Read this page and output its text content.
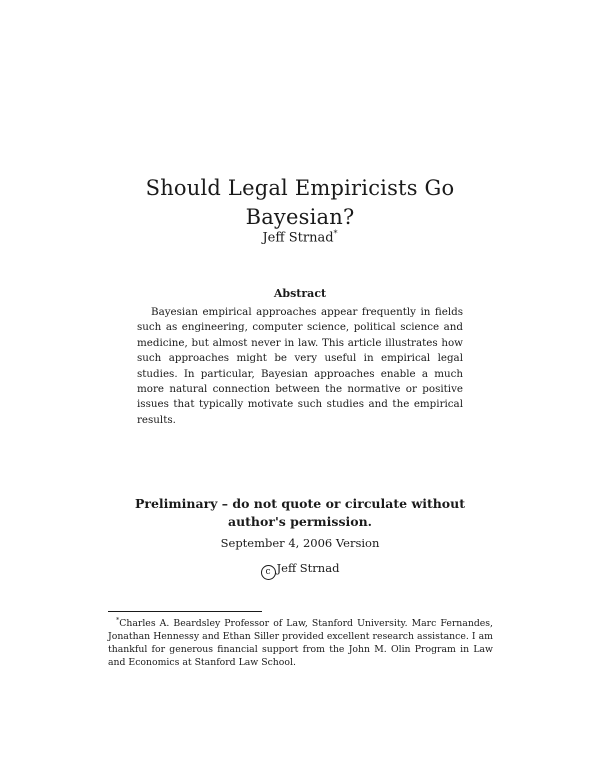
Should Legal Empiricists Go
Bayesian?
Jeff Strnad*
Abstract

Bayesian empirical approaches appear frequently in fields such as engineering, computer science, political science and medicine, but almost never in law. This article illustrates how such approaches might be very useful in empirical legal studies. In particular, Bayesian approaches enable a much more natural connection between the normative or positive issues that typically motivate such studies and the empirical results.

Preliminary – do not quote or circulate without author's permission.
September 4, 2006 Version
c Jeff Strnad

*Charles A. Beardsley Professor of Law, Stanford University. Marc Fernandes, Jonathan Hennessy and Ethan Siller provided excellent research assistance. I am thankful for generous financial support from the John M. Olin Program in Law and Economics at Stanford Law School.
